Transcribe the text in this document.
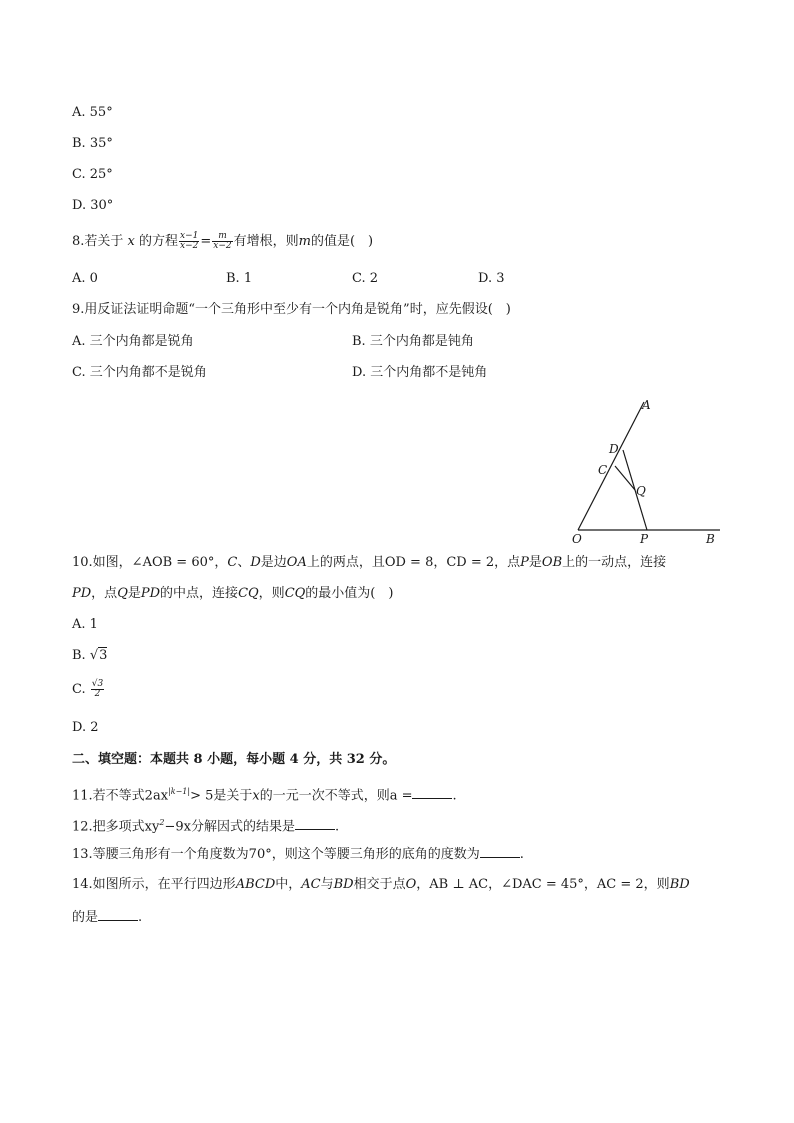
A. 55°
B. 35°
C. 25°
D. 30°
8.若关于 x 的方程 $\frac{x-1}{x-2} = \frac{m}{x-2}$ 有增根，则m的值是(　)
A. 0	B. 1	C. 2	D. 3
9.用反证法证明命题“一个三角形中至少有一个内角是锐角”时，应先假设(　)
A. 三个内角都是锐角	B. 三个内角都是钝角
C. 三个内角都不是锐角	D. 三个内角都不是钝角
A
D
C
Q
O	P	B
10.如图，∠AOB = 60°，C、D是边OA上的两点，且OD = 8，CD = 2，点P是OB上的一动点，连接
PD，点Q是PD的中点，连接CQ，则CQ的最小值为(　)
A. 1
B. √3
C. $\frac{√3}{2}$
D. 2
二、填空题：本题共 8 小题，每小题 4 分，共 32 分。
11.若不等式$2ax^{|k-1|}> 5$是关于x的一元一次不等式，则a =	.
12.把多项式$xy^2-9x$分解因式的结果是	.
13.等腰三角形有一个角度数为70°，则这个等腰三角形的底角的度数为	.
14.如图所示，在平行四边形ABCD中，AC与BD相交于点O，AB ⊥ AC，∠DAC = 45°，AC = 2，则BD
的是	.
